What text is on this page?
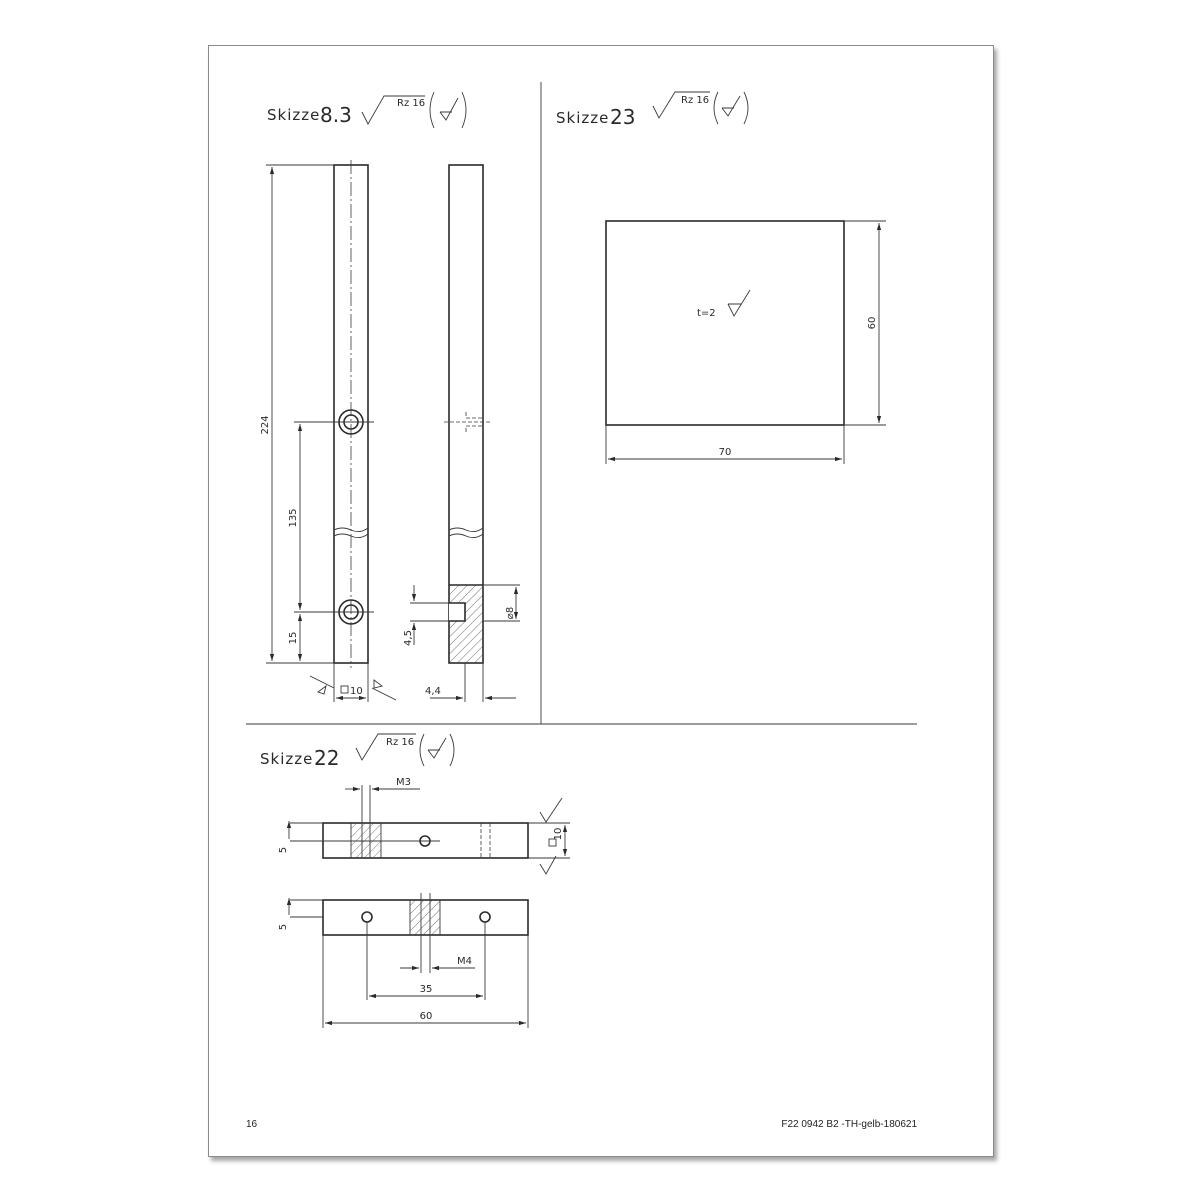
Skizze 8.3	Rz 16
224
135
15
10
4,5
⌀8
4,4
Skizze 23
Rz 16
t=2
60
70
Skizze 22
Rz 16
M3
5
10
5
M4
35
60
16	F22 0942 B2 -TH-gelb-180621
